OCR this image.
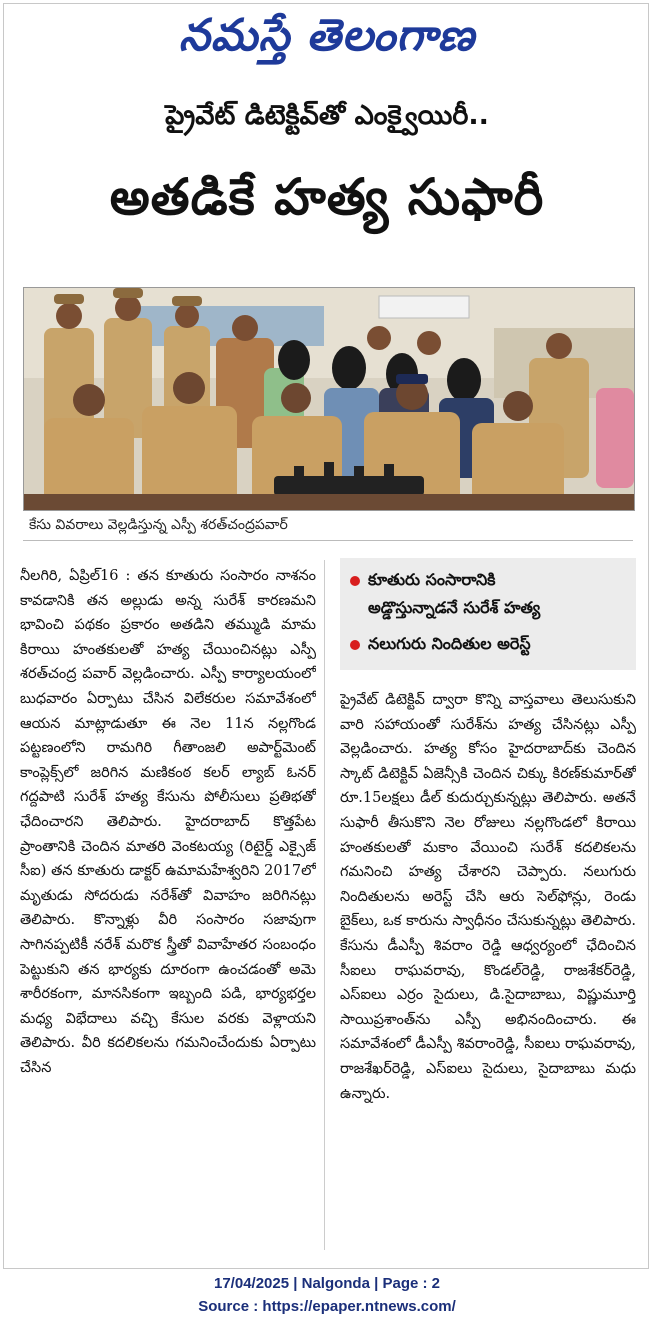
నమస్తే తెలంగాణ
ప్రైవేట్ డిటెక్టివ్‌తో ఎంక్వైయిరీ..
అతడికే హత్య సుఫారీ
కేసు వివరాలు వెల్లడిస్తున్న ఎస్పీ శరత్‌చంద్రపవార్
నీలగిరి, ఏప్రిల్16 : తన కూతురు సంసారం నాశనం కావడానికి తన అల్లుడు అన్న సురేశ్ కారణమని భావించి పథకం ప్రకారం అతడిని తమ్ముడి మామ కిరాయి హంతకులతో హత్య చేయించినట్లు ఎస్పీ శరత్‌చంద్ర పవార్ వెల్లడించారు. ఎస్పీ కార్యాలయంలో బుధవారం ఏర్పాటు చేసిన విలేకరుల సమావేశంలో ఆయన మాట్లాడుతూ ఈ నెల 11న నల్లగొండ పట్టణంలోని రామగిరి గీతాంజలి అపార్ట్‌మెంట్ కాంప్లెక్స్‌లో జరిగిన మణికంఠ కలర్ ల్యాబ్ ఓనర్ గద్దపాటి సురేశ్ హత్య కేసును పోలీసులు ప్రతిభతో ఛేదించారని తెలిపారు. హైదరాబాద్ కొత్తపేట ప్రాంతానికి చెందిన మాతరి వెంకటయ్య (రిటైర్డ్ ఎక్సైజ్ సీఐ) తన కూతురు డాక్టర్ ఉమామహేశ్వరిని 2017లో మృతుడు సోదరుడు నరేశ్‌తో వివాహం జరిగినట్లు తెలిపారు. కొన్నాళ్లు వీరి సంసారం సజావుగా సాగినప్పటికీ నరేశ్ మరొక స్త్రీతో వివాహేతర సంబంధం పెట్టుకుని తన భార్యకు దూరంగా ఉంచడంతో అమె శారీరకంగా, మానసికంగా ఇబ్బంది పడి, భార్యభర్తల మధ్య విభేదాలు వచ్చి కేసుల వరకు వెళ్లాయని తెలిపారు. వీరి కదలికలను గమనించేందుకు ఏర్పాటు చేసిన
కూతురు సంసారానికి
అడ్డొస్తున్నాడనే సురేశ్ హత్య
నలుగురు నిందితుల అరెస్ట్
ప్రైవేట్ డిటెక్టివ్ ద్వారా కొన్ని వాస్తవాలు తెలుసుకుని వారి సహాయంతో సురేశ్‌ను హత్య చేసినట్లు ఎస్పీ వెల్లడించారు. హత్య కోసం హైదరాబాద్‌కు చెందిన స్కాట్ డిటెక్టివ్ ఏజెన్సీకి చెందిన చిక్కు కిరణ్‌కుమార్‌తో రూ.15లక్షలు డీల్ కుదుర్చుకున్నట్లు తెలిపారు. అతనే సుఫారీ తీసుకొని నెల రోజులు నల్లగొండలో కిరాయి హంతకులతో మకాం వేయించి సురేశ్ కదలికలను గమనించి హత్య చేశారని చెప్పారు. నలుగురు నిందితులను అరెస్ట్ చేసి ఆరు సెల్‌ఫోన్లు, రెండు బైక్‌లు, ఒక కారును స్వాధీనం చేసుకున్నట్లు తెలిపారు. కేసును డీఎస్పీ శివరాం రెడ్డి ఆధ్వర్యంలో ఛేదించిన సీఐలు రాఘవరావు, కొండల్‌రెడ్డి, రాజశేకర్‌రెడ్డి, ఎస్ఐలు ఎర్రం సైదులు, డి.సైదాబాబు, విష్ణుమూర్తి సాయిప్రశాంత్‌ను ఎస్పీ అభినందించారు. ఈ సమావేశంలో డీఎస్పీ శివరాంరెడ్డి, సీఐలు రాఘవరావు, రాజశేఖర్‌రెడ్డి, ఎస్ఐలు సైదులు, సైదాబాబు మధు ఉన్నారు.
17/04/2025 | Nalgonda | Page : 2
Source : https://epaper.ntnews.com/
